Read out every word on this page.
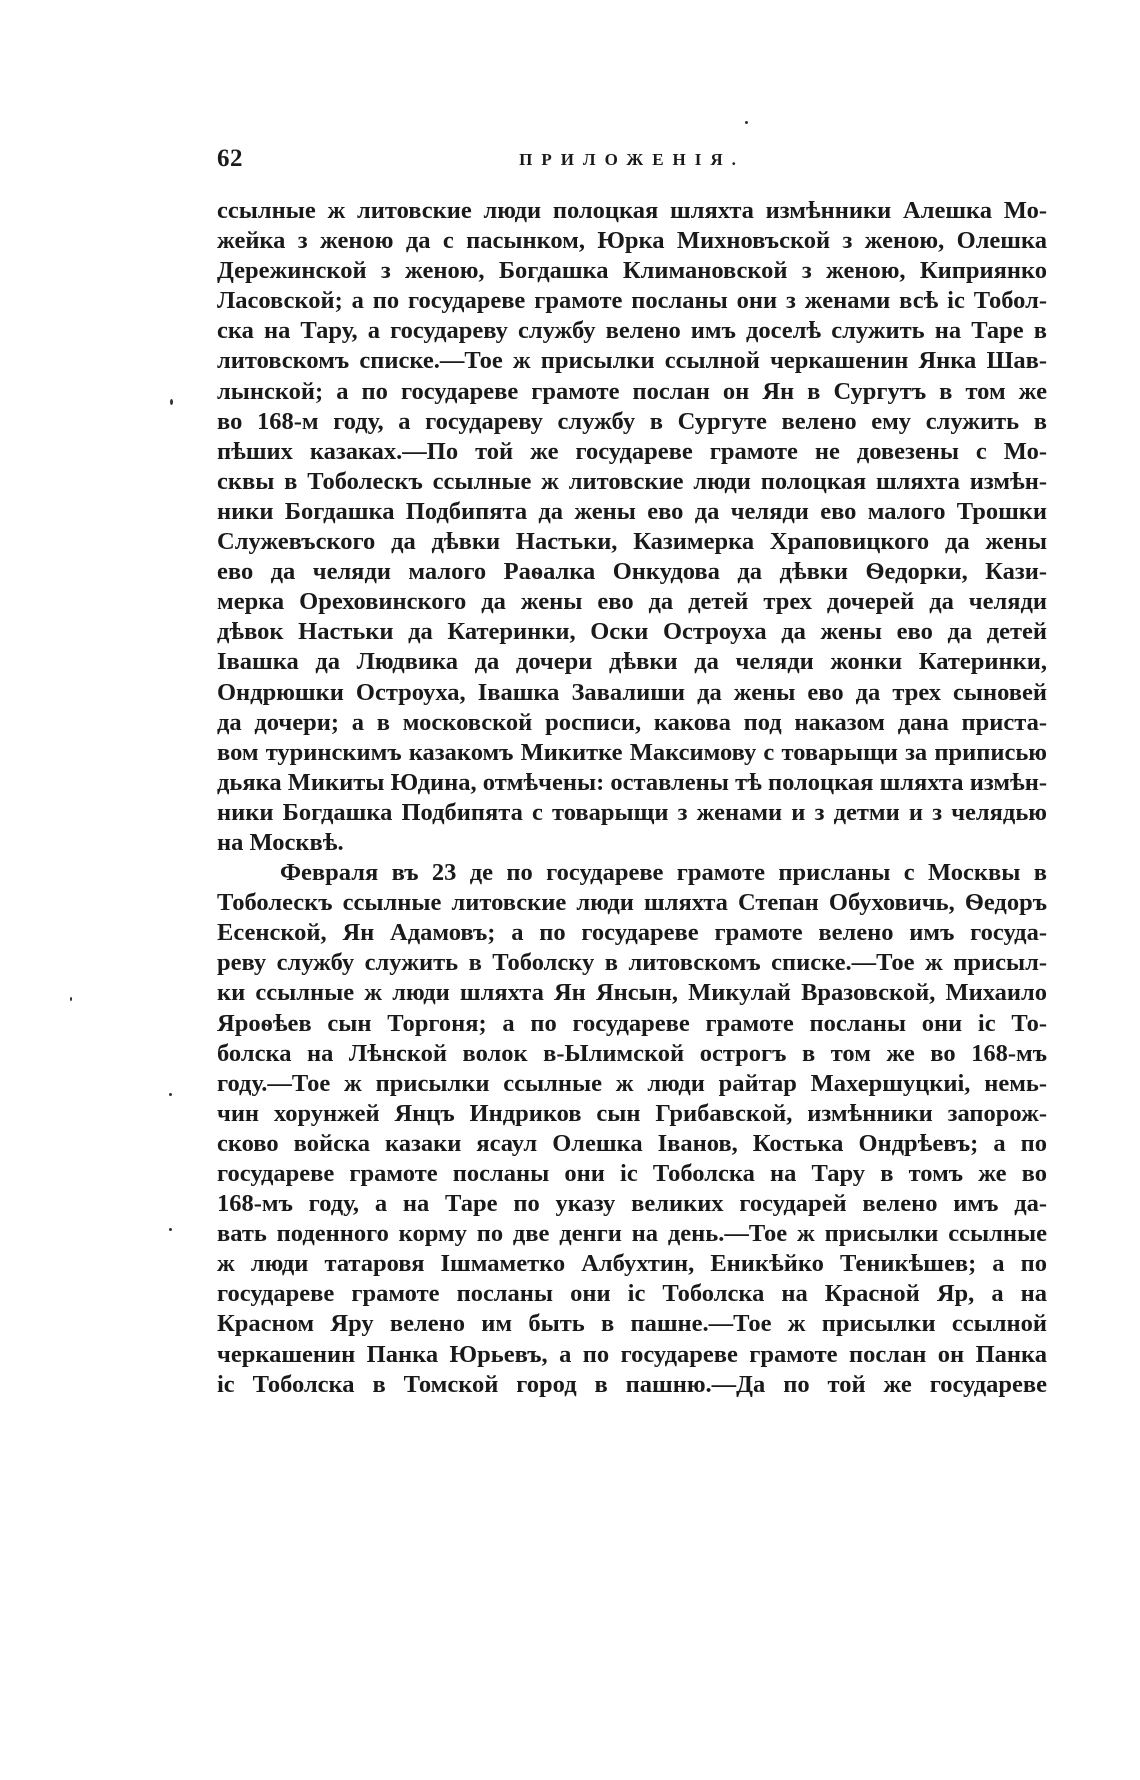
62	ПРИЛОЖЕНІЯ.
ссылные ж литовские люди полоцкая шляхта измѣнники Алешка Мо-
жейка з женою да с пасынком, Юрка Михновъской з женою, Олешка
Дережинской з женою, Богдашка Климановской з женою, Киприянко
Ласовской; а по государеве грамоте посланы они з женами всѣ іс Тобол-
ска на Тару, а государеву службу велено имъ доселѣ служить на Таре в
литовскомъ списке.—Тое ж присылки ссылной черкашенин Янка Шав-
лынской; а по государеве грамоте послан он Ян в Сургутъ в том же
во 168-м году, а государеву службу в Сургуте велено ему служить в
пѣших казаках.—По той же государеве грамоте не довезены с Мо-
сквы в Тоболескъ ссылные ж литовские люди полоцкая шляхта измѣн-
ники Богдашка Подбипята да жены ево да челяди ево малого Трошки
Служевъского да дѣвки Настьки, Казимерка Храповицкого да жены
ево да челяди малого Раѳалка Онкудова да дѣвки Ѳедорки, Кази-
мерка Ореховинского да жены ево да детей трех дочерей да челяди
дѣвок Настьки да Катеринки, Оски Остроуха да жены ево да детей
Івашка да Людвика да дочери дѣвки да челяди жонки Катеринки,
Ондрюшки Остроуха, Івашка Завалиши да жены ево да трех сыновей
да дочери; а в московской росписи, какова под наказом дана приста-
вом туринскимъ казакомъ Микитке Максимову с товарыщи за приписью
дьяка Микиты Юдина, отмѣчены: оставлены тѣ полоцкая шляхта измѣн-
ники Богдашка Подбипята с товарыщи з женами и з детми и з челядью
на Москвѣ.
Февраля въ 23 де по государеве грамоте присланы с Москвы в
Тоболескъ ссылные литовские люди шляхта Степан Обуховичь, Ѳедоръ
Есенской, Ян Адамовъ; а по государеве грамоте велено имъ госуда-
реву службу служить в Тоболску в литовскомъ списке.—Тое ж присыл-
ки ссылные ж люди шляхта Ян Янсын, Микулай Вразовской, Михаило
Яроѳѣев сын Торгоня; а по государеве грамоте посланы они іс То-
болска на Лѣнской волок в-Ылимской острогъ в том же во 168-мъ
году.—Тое ж присылки ссылные ж люди райтар Махершуцкиі, немь-
чин хорунжей Янцъ Индриков сын Грибавской, измѣнники запорож-
сково войска казаки ясаул Олешка Іванов, Костька Ондрѣевъ; а по
государеве грамоте посланы они іс Тоболска на Тару в томъ же во
168-мъ году, а на Таре по указу великих государей велено имъ да-
вать поденного корму по две денги на день.—Тое ж присылки ссылные
ж люди татаровя Ішмаметко Албухтин, Еникѣйко Теникѣшев; а по
государеве грамоте посланы они іс Тоболска на Красной Яр, а на
Красном Яру велено им быть в пашне.—Тое ж присылки ссылной
черкашенин Панка Юрьевъ, а по государеве грамоте послан он Панка
іс Тоболска в Томской город в пашню.—Да по той же государеве
